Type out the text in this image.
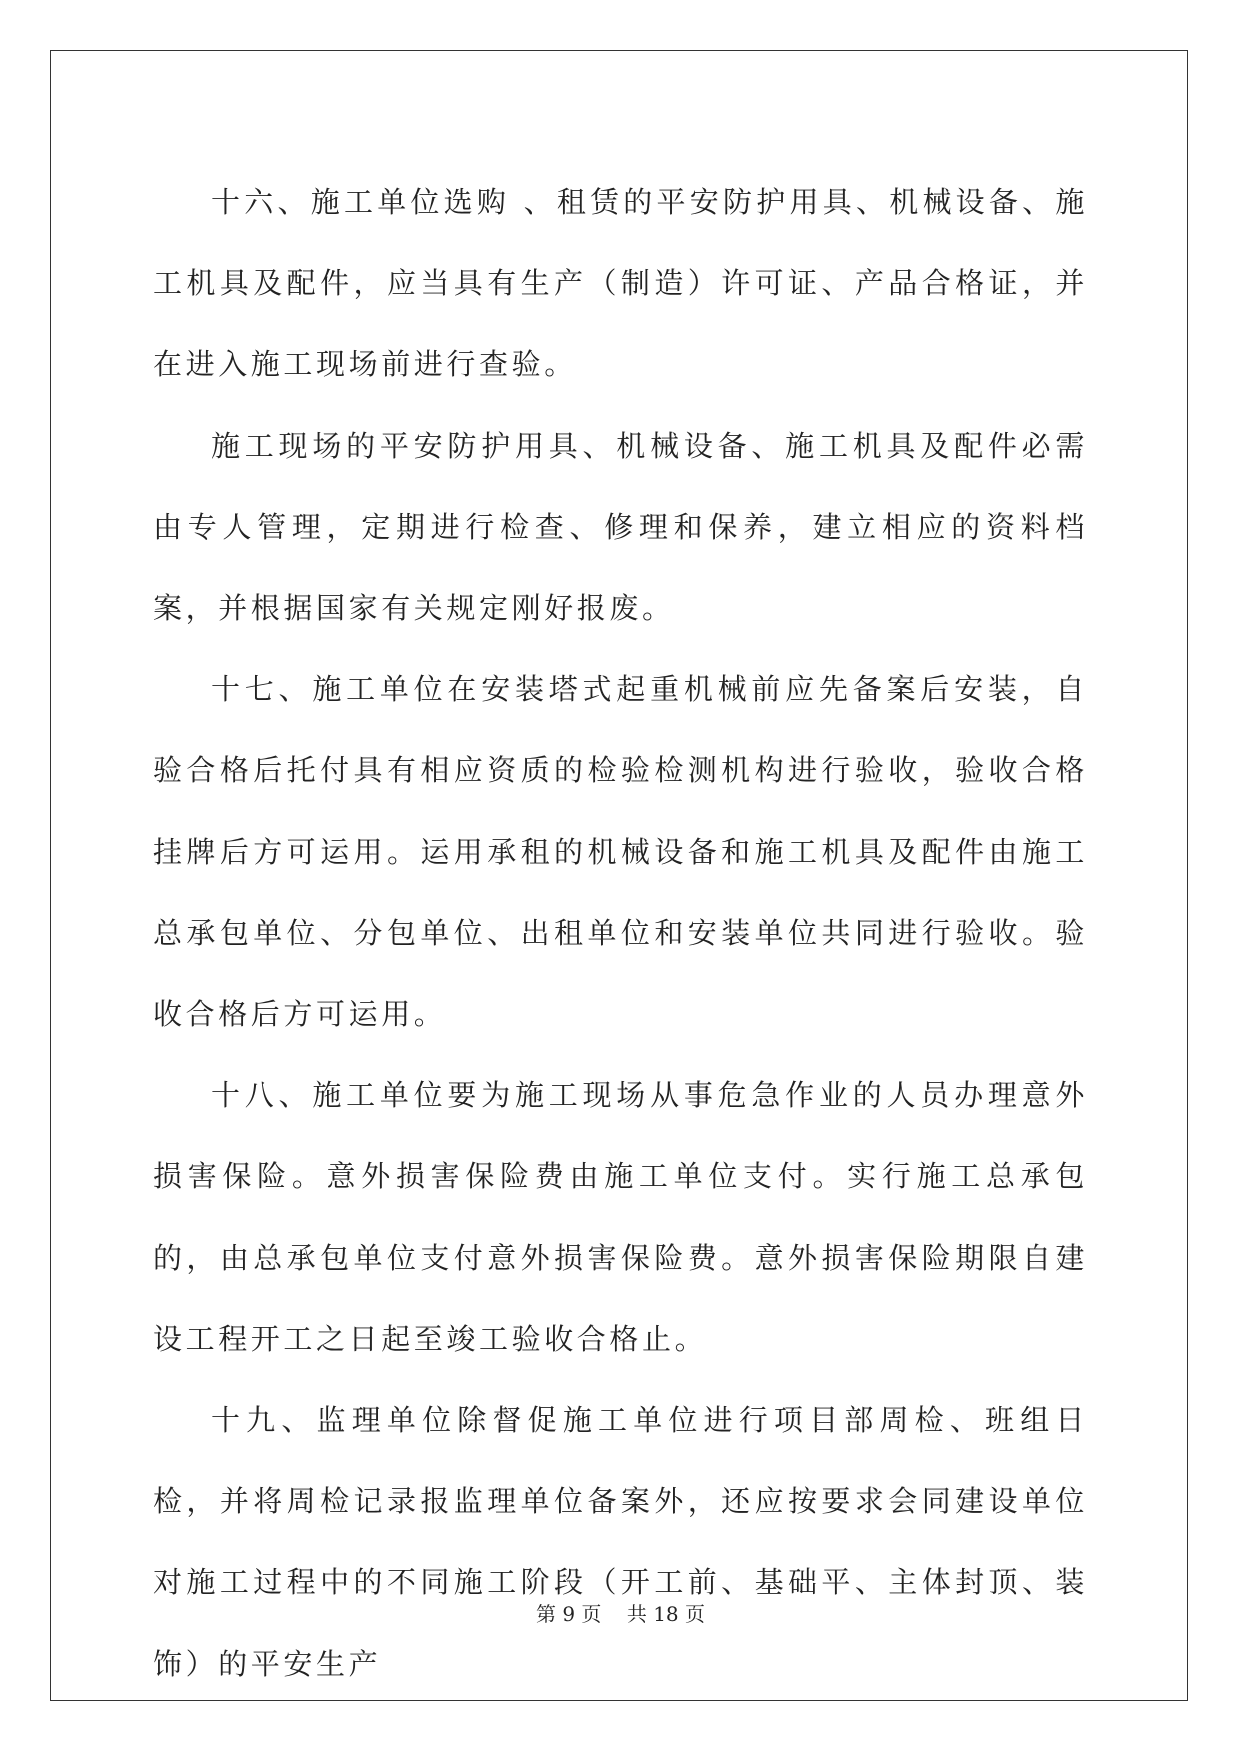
十六、施工单位选购 、租赁的平安防护用具、机械设备、施工机具及配件，应当具有生产（制造）许可证、产品合格证，并在进入施工现场前进行查验。

施工现场的平安防护用具、机械设备、施工机具及配件必需由专人管理，定期进行检查、修理和保养，建立相应的资料档案，并根据国家有关规定刚好报废。

十七、施工单位在安装塔式起重机械前应先备案后安装，自验合格后托付具有相应资质的检验检测机构进行验收，验收合格挂牌后方可运用。运用承租的机械设备和施工机具及配件由施工总承包单位、分包单位、出租单位和安装单位共同进行验收。验收合格后方可运用。

十八、施工单位要为施工现场从事危急作业的人员办理意外损害保险。意外损害保险费由施工单位支付。实行施工总承包的，由总承包单位支付意外损害保险费。意外损害保险期限自建设工程开工之日起至竣工验收合格止。

十九、监理单位除督促施工单位进行项目部周检、班组日检，并将周检记录报监理单位备案外，还应按要求会同建设单位对施工过程中的不同施工阶段（开工前、基础平、主体封顶、装饰）的平安生产

第 9 页    共 18 页
